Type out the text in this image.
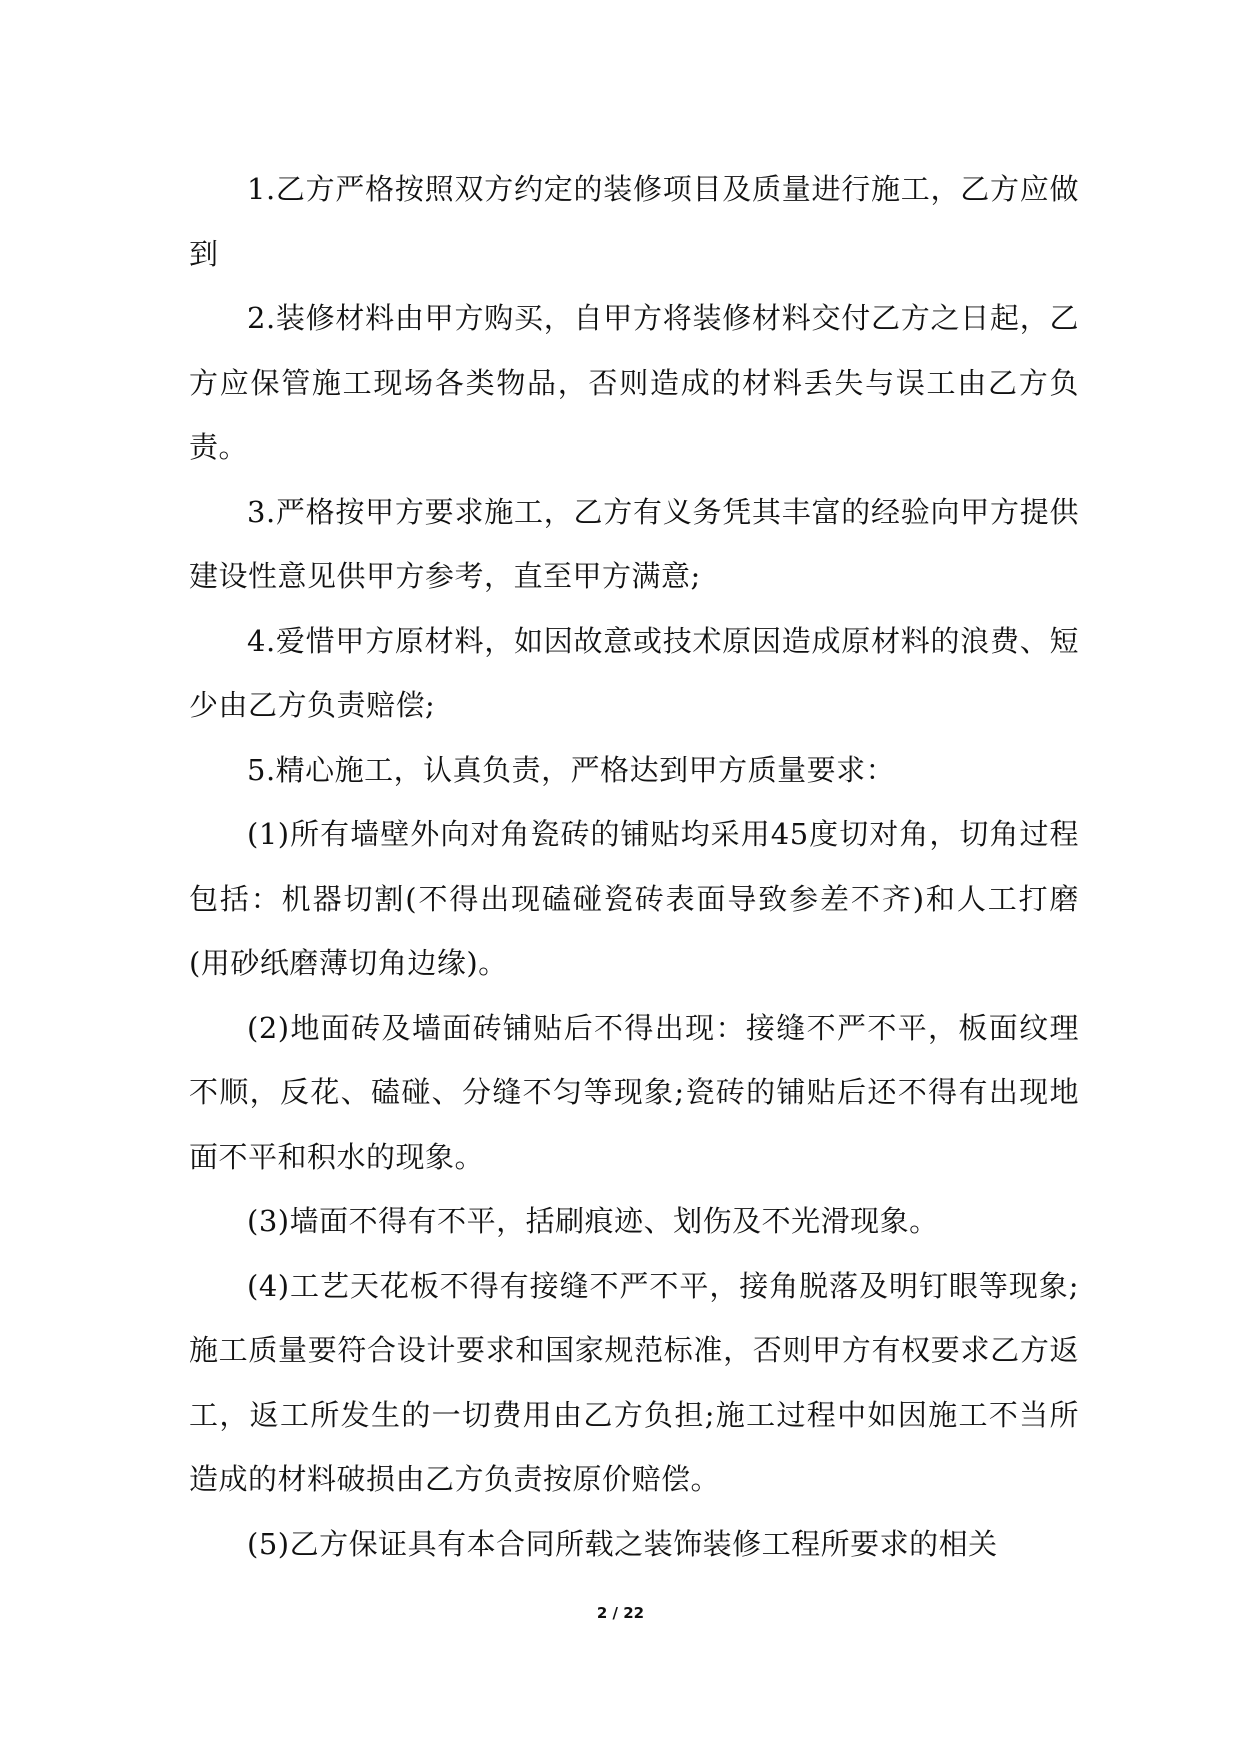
1.乙方严格按照双方约定的装修项目及质量进行施工，乙方应做到

2.装修材料由甲方购买，自甲方将装修材料交付乙方之日起，乙方应保管施工现场各类物品，否则造成的材料丢失与误工由乙方负责。

3.严格按甲方要求施工，乙方有义务凭其丰富的经验向甲方提供建设性意见供甲方参考，直至甲方满意;

4.爱惜甲方原材料，如因故意或技术原因造成原材料的浪费、短少由乙方负责赔偿;

5.精心施工，认真负责，严格达到甲方质量要求：

(1)所有墙壁外向对角瓷砖的铺贴均采用45度切对角，切角过程包括：机器切割(不得出现磕碰瓷砖表面导致参差不齐)和人工打磨(用砂纸磨薄切角边缘)。

(2)地面砖及墙面砖铺贴后不得出现：接缝不严不平，板面纹理不顺，反花、磕碰、分缝不匀等现象;瓷砖的铺贴后还不得有出现地面不平和积水的现象。

(3)墙面不得有不平，括刷痕迹、划伤及不光滑现象。

(4)工艺天花板不得有接缝不严不平，接角脱落及明钉眼等现象;施工质量要符合设计要求和国家规范标准，否则甲方有权要求乙方返工，返工所发生的一切费用由乙方负担;施工过程中如因施工不当所造成的材料破损由乙方负责按原价赔偿。

(5)乙方保证具有本合同所载之装饰装修工程所要求的相关

2 / 22
